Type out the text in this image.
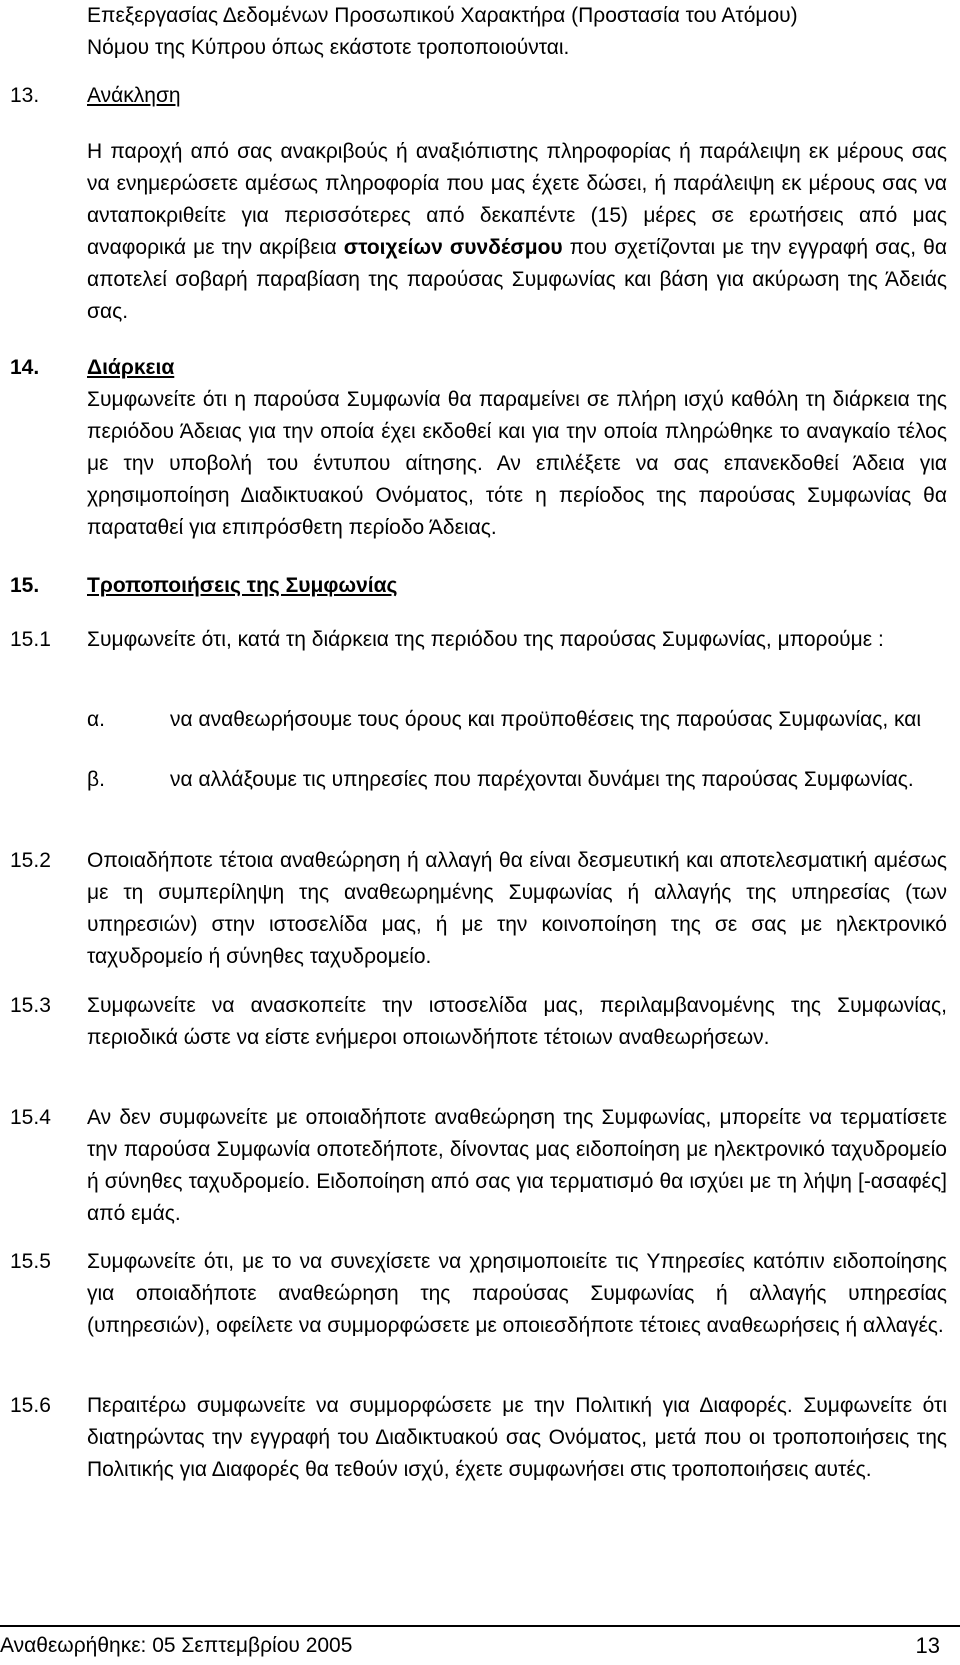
Επεξεργασίας Δεδομένων Προσωπικού Χαρακτήρα (Προστασία του Ατόμου)
Νόμου της Κύπρου όπως εκάστοτε τροποποιούνται.
13. Ανάκληση
Η παροχή από σας ανακριβούς ή αναξιόπιστης πληροφορίας ή παράλειψη εκ μέρους σας να ενημερώσετε αμέσως πληροφορία που μας έχετε δώσει, ή παράλειψη εκ μέρους σας να ανταποκριθείτε για περισσότερες από δεκαπέντε (15) μέρες σε ερωτήσεις από μας αναφορικά με την ακρίβεια στοιχείων συνδέσμου που σχετίζονται με την εγγραφή σας, θα αποτελεί σοβαρή παραβίαση της παρούσας Συμφωνίας και βάση για ακύρωση της Άδειάς σας.
14. Διάρκεια
Συμφωνείτε ότι η παρούσα Συμφωνία θα παραμείνει σε πλήρη ισχύ καθόλη τη διάρκεια της περιόδου Άδειας για την οποία έχει εκδοθεί και για την οποία πληρώθηκε το αναγκαίο τέλος με την υποβολή του έντυπου αίτησης. Αν επιλέξετε να σας επανεκδοθεί Άδεια για χρησιμοποίηση Διαδικτυακού Ονόματος, τότε η περίοδος της παρούσας Συμφωνίας θα παραταθεί για επιπρόσθετη περίοδο Άδειας.
15. Τροποποιήσεις της Συμφωνίας
15.1 Συμφωνείτε ότι, κατά τη διάρκεια της περιόδου της παρούσας Συμφωνίας, μπορούμε :
α.	να αναθεωρήσουμε τους όρους και προϋποθέσεις της παρούσας Συμφωνίας, και
β.	να αλλάξουμε τις υπηρεσίες που παρέχονται δυνάμει της παρούσας Συμφωνίας.
15.2 Οποιαδήποτε τέτοια αναθεώρηση ή αλλαγή θα είναι δεσμευτική και αποτελεσματική αμέσως με τη συμπερίληψη της αναθεωρημένης Συμφωνίας ή αλλαγής της υπηρεσίας (των υπηρεσιών) στην ιστοσελίδα μας, ή με την κοινοποίηση της σε σας με ηλεκτρονικό ταχυδρομείο ή σύνηθες ταχυδρομείο.
15.3 Συμφωνείτε να ανασκοπείτε την ιστοσελίδα μας, περιλαμβανομένης της Συμφωνίας, περιοδικά ώστε να είστε ενήμεροι οποιωνδήποτε τέτοιων αναθεωρήσεων.
15.4 Αν δεν συμφωνείτε με οποιαδήποτε αναθεώρηση της Συμφωνίας, μπορείτε να τερματίσετε την παρούσα Συμφωνία οποτεδήποτε, δίνοντας μας ειδοποίηση με ηλεκτρονικό ταχυδρομείο ή σύνηθες ταχυδρομείο. Ειδοποίηση από σας για τερματισμό θα ισχύει με τη λήψη [-ασαφές] από εμάς.
15.5 Συμφωνείτε ότι, με το να συνεχίσετε να χρησιμοποιείτε τις Υπηρεσίες κατόπιν ειδοποίησης για οποιαδήποτε αναθεώρηση της παρούσας Συμφωνίας ή αλλαγής υπηρεσίας (υπηρεσιών), οφείλετε να συμμορφώσετε με οποιεσδήποτε τέτοιες αναθεωρήσεις ή αλλαγές.
15.6 Περαιτέρω συμφωνείτε να συμμορφώσετε με την Πολιτική για Διαφορές. Συμφωνείτε ότι διατηρώντας την εγγραφή του Διαδικτυακού σας Ονόματος, μετά που οι τροποποιήσεις της Πολιτικής για Διαφορές θα τεθούν ισχύ, έχετε συμφωνήσει στις τροποποιήσεις αυτές.
Αναθεωρήθηκε: 05 Σεπτεμβρίου 2005	13
